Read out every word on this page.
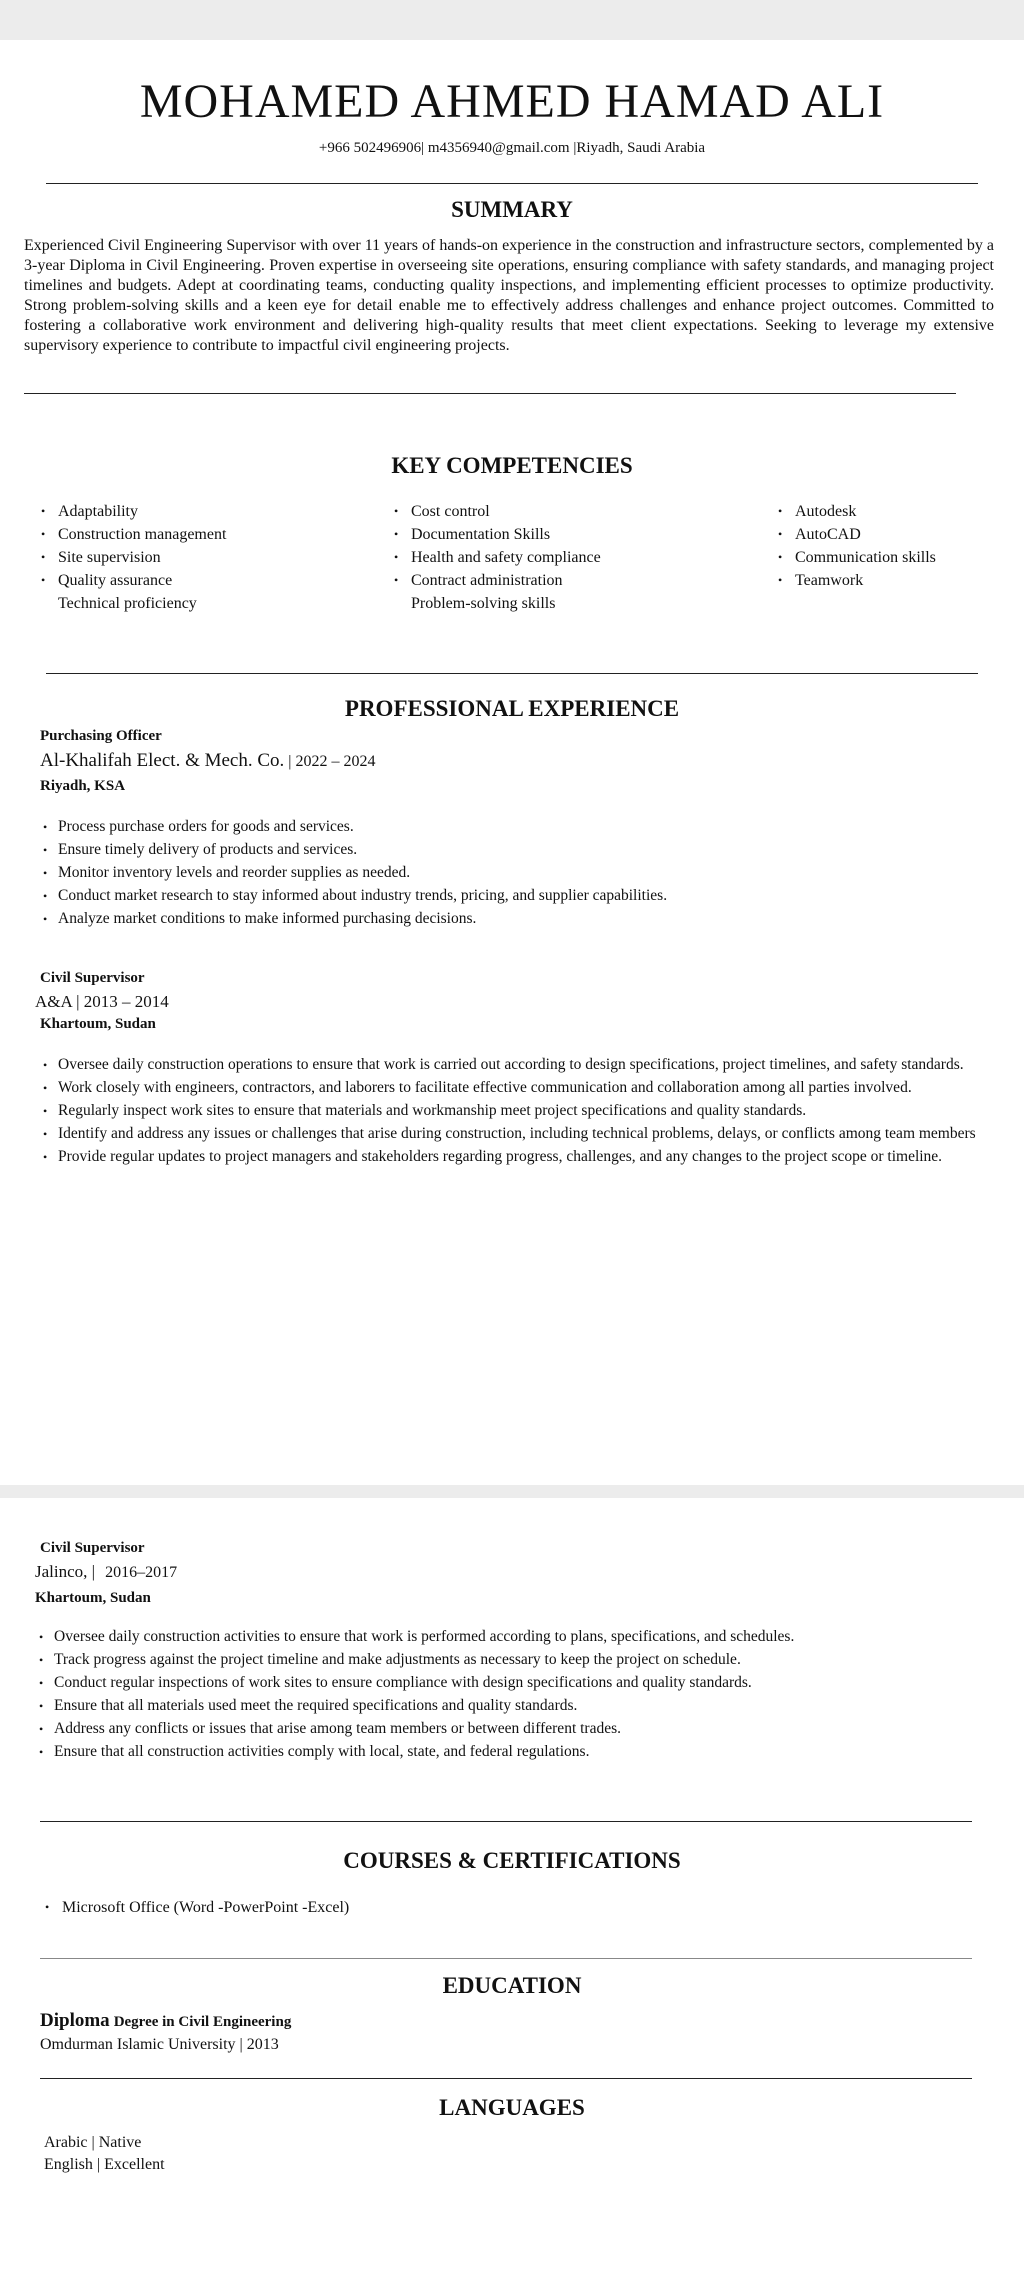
MOHAMED AHMED HAMAD ALI
+966 502496906| m4356940@gmail.com |Riyadh, Saudi Arabia
SUMMARY

Experienced Civil Engineering Supervisor with over 11 years of hands-on experience in the construction and infrastructure sectors, complemented by a 3-year Diploma in Civil Engineering. Proven expertise in overseeing site operations, ensuring compliance with safety standards, and managing project timelines and budgets. Adept at coordinating teams, conducting quality inspections, and implementing efficient processes to optimize productivity. Strong problem-solving skills and a keen eye for detail enable me to effectively address challenges and enhance project outcomes. Committed to fostering a collaborative work environment and delivering high-quality results that meet client expectations. Seeking to leverage my extensive supervisory experience to contribute to impactful civil engineering projects.

KEY COMPETENCIES
• Adaptability
• Construction management
• Site supervision
• Quality assurance
Technical proficiency
• Cost control
• Documentation Skills
• Health and safety compliance
• Contract administration
Problem-solving skills
• Autodesk
• AutoCAD
• Communication skills
• Teamwork
PROFESSIONAL EXPERIENCE
Purchasing Officer
Al-Khalifah Elect. & Mech. Co. | 2022 – 2024
Riyadh, KSA
• Process purchase orders for goods and services.
• Ensure timely delivery of products and services.
• Monitor inventory levels and reorder supplies as needed.
• Conduct market research to stay informed about industry trends, pricing, and supplier capabilities.
• Analyze market conditions to make informed purchasing decisions.
Civil Supervisor
A&A | 2013 – 2014
Khartoum, Sudan
• Oversee daily construction operations to ensure that work is carried out according to design specifications, project timelines, and safety standards.
• Work closely with engineers, contractors, and laborers to facilitate effective communication and collaboration among all parties involved.
• Regularly inspect work sites to ensure that materials and workmanship meet project specifications and quality standards.
• Identify and address any issues or challenges that arise during construction, including technical problems, delays, or conflicts among team members
• Provide regular updates to project managers and stakeholders regarding progress, challenges, and any changes to the project scope or timeline.
Civil Supervisor
Jalinco, | 2016–2017
Khartoum, Sudan
• Oversee daily construction activities to ensure that work is performed according to plans, specifications, and schedules.
• Track progress against the project timeline and make adjustments as necessary to keep the project on schedule.
• Conduct regular inspections of work sites to ensure compliance with design specifications and quality standards.
• Ensure that all materials used meet the required specifications and quality standards.
• Address any conflicts or issues that arise among team members or between different trades.
• Ensure that all construction activities comply with local, state, and federal regulations.
COURSES & CERTIFICATIONS
• Microsoft Office (Word -PowerPoint -Excel)
EDUCATION
Diploma Degree in Civil Engineering
Omdurman Islamic University | 2013
LANGUAGES
Arabic | Native
English | Excellent
